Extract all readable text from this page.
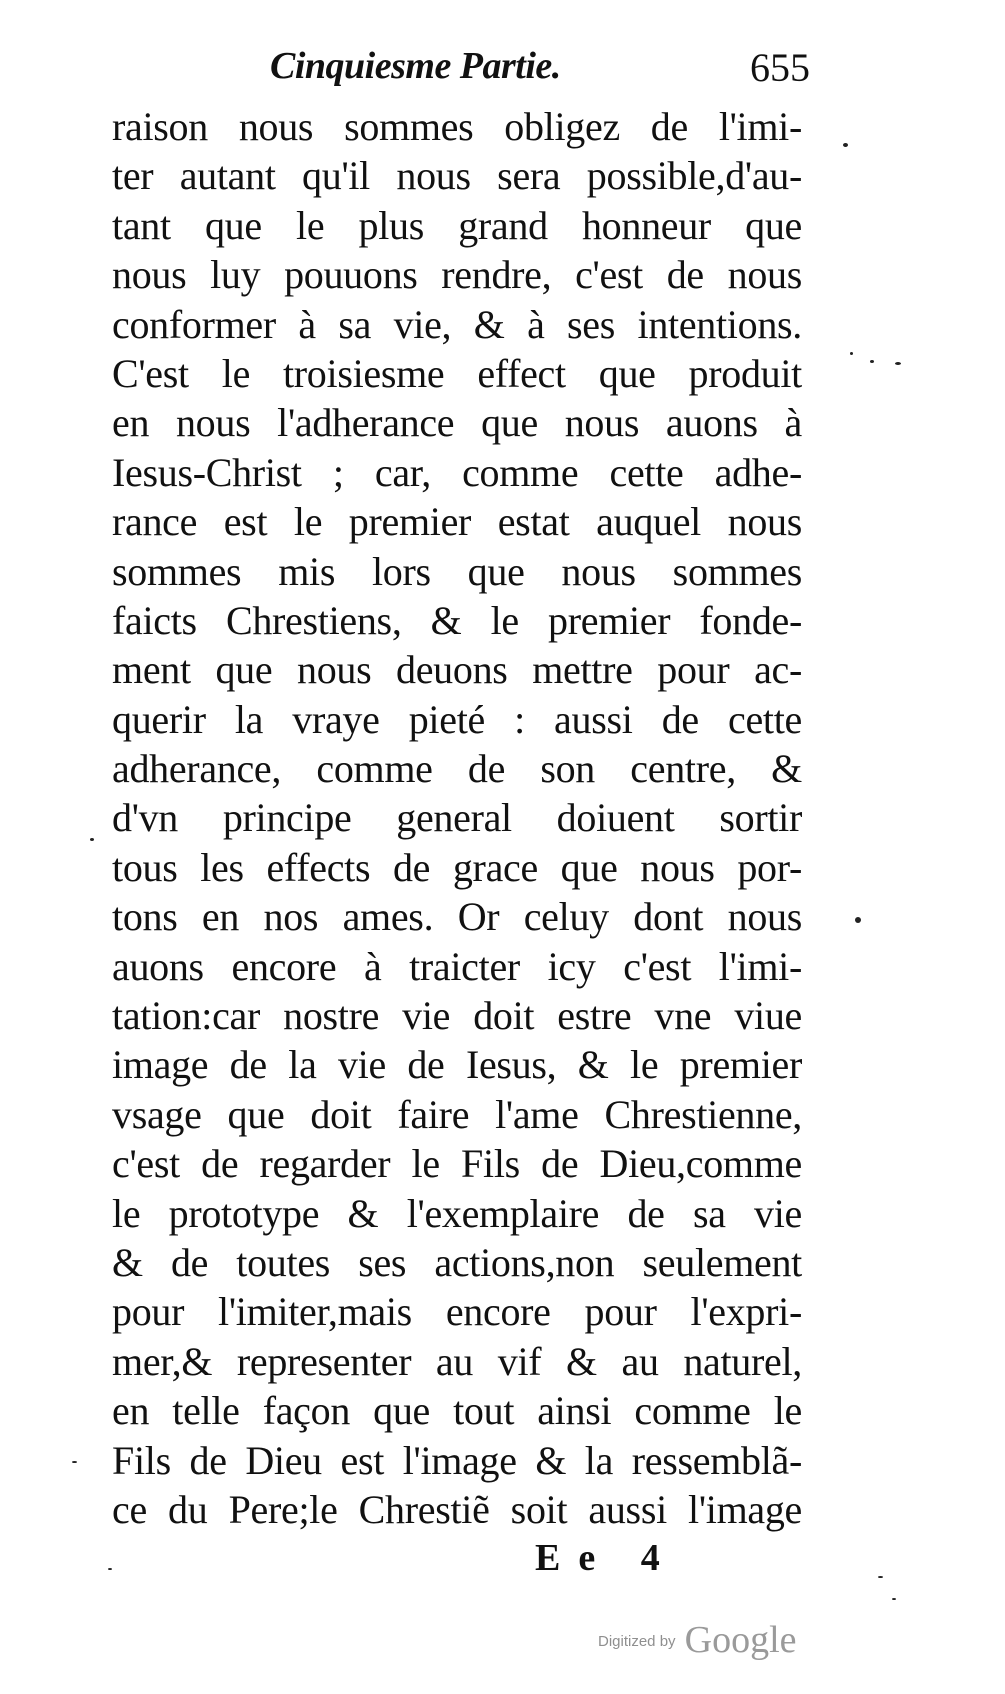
Cinquiesme Partie.	655
raison nous sommes obligez de l'imi-
ter autant qu'il nous sera possible,d'au-
tant que le plus grand honneur que
nous luy pouuons rendre, c'est de nous
conformer à sa vie, & à ses intentions.
C'est le troisiesme effect que produit
en nous l'adherance que nous auons à
Iesus-Christ ; car, comme cette adhe-
rance est le premier estat auquel nous
sommes mis lors que nous sommes
faicts Chrestiens, & le premier fonde-
ment que nous deuons mettre pour ac-
querir la vraye pieté : aussi de cette
adherance, comme de son centre, &
d'vn principe general doiuent sortir
tous les effects de grace que nous por-
tons en nos ames. Or celuy dont nous
auons encore à traicter icy c'est l'imi-
tation:car nostre vie doit estre vne viue
image de la vie de Iesus, & le premier
vsage que doit faire l'ame Chrestienne,
c'est de regarder le Fils de Dieu,comme
le prototype & l'exemplaire de sa vie
& de toutes ses actions,non seulement
pour l'imiter,mais encore pour l'expri-
mer,& representer au vif & au naturel,
en telle façon que tout ainsi comme le
Fils de Dieu est l'image & la ressemblã-
ce du Pere;le Chrestiẽ soit aussi l'image
Ee 4
Digitized by Google
